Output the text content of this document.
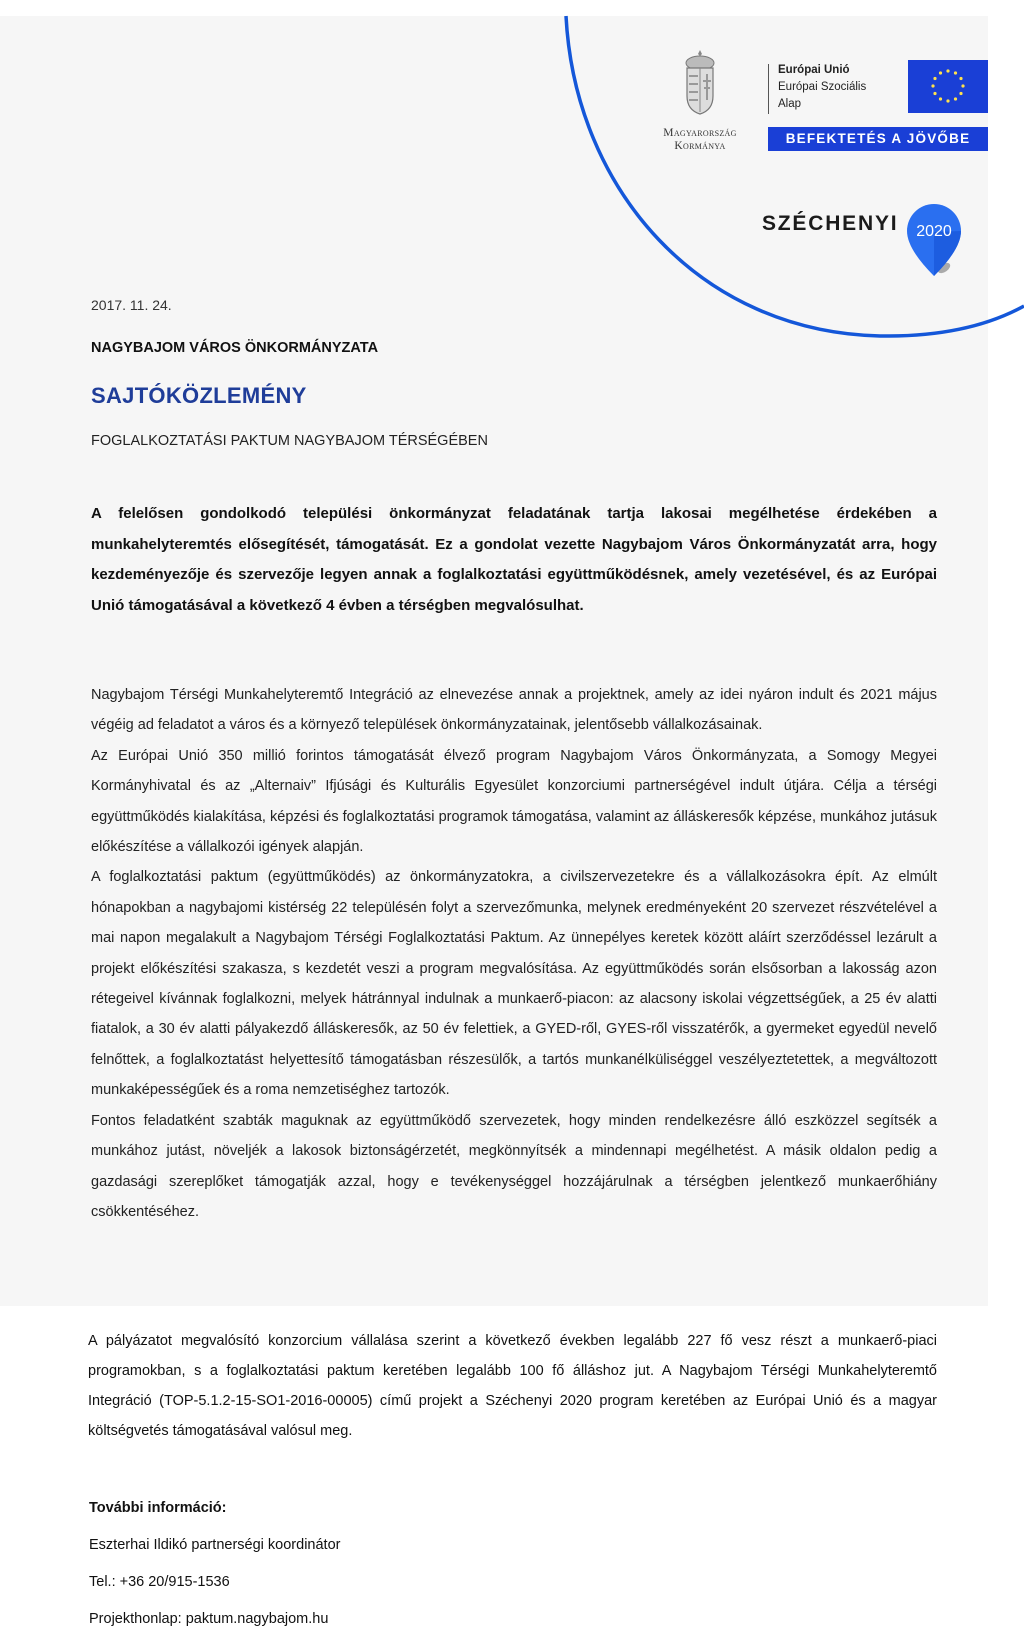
Magyarország
Kormánya
Európai Unió
Európai Szociális
Alap
BEFEKTETÉS A JÖVŐBE
SZÉCHENYI 2020
2017. 11. 24.
NAGYBAJOM VÁROS ÖNKORMÁNYZATA
SAJTÓKÖZLEMÉNY
FOGLALKOZTATÁSI PAKTUM NAGYBAJOM TÉRSÉGÉBEN

A felelősen gondolkodó települési önkormányzat feladatának tartja lakosai megélhetése érdekében a munkahelyteremtés elősegítését, támogatását. Ez a gondolat vezette Nagybajom Város Önkormányzatát arra, hogy kezdeményezője és szervezője legyen annak a foglalkoztatási együttműködésnek, amely vezetésével, és az Európai Unió támogatásával a következő 4 évben a térségben megvalósulhat.

Nagybajom Térségi Munkahelyteremtő Integráció az elnevezése annak a projektnek, amely az idei nyáron indult és 2021 május végéig ad feladatot a város és a környező települések önkormányzatainak, jelentősebb vállalkozásainak.

Az Európai Unió 350 millió forintos támogatását élvező program Nagybajom Város Önkormányzata, a Somogy Megyei Kormányhivatal és az „Alternaiv” Ifjúsági és Kulturális Egyesület konzorciumi partnerségével indult útjára. Célja a térségi együttműködés kialakítása, képzési és foglalkoztatási programok támogatása, valamint az álláskeresők képzése, munkához jutásuk előkészítése a vállalkozói igények alapján.

A foglalkoztatási paktum (együttműködés) az önkormányzatokra, a civilszervezetekre és a vállalkozásokra épít. Az elmúlt hónapokban a nagybajomi kistérség 22 településén folyt a szervezőmunka, melynek eredményeként 20 szervezet részvételével a mai napon megalakult a Nagybajom Térségi Foglalkoztatási Paktum. Az ünnepélyes keretek között aláírt szerződéssel lezárult a projekt előkészítési szakasza, s kezdetét veszi a program megvalósítása. Az együttműködés során elsősorban a lakosság azon rétegeivel kívánnak foglalkozni, melyek hátránnyal indulnak a munkaerő-piacon: az alacsony iskolai végzettségűek, a 25 év alatti fiatalok, a 30 év alatti pályakezdő álláskeresők, az 50 év felettiek, a GYED-ről, GYES-ről visszatérők, a gyermeket egyedül nevelő felnőttek, a foglalkoztatást helyettesítő támogatásban részesülők, a tartós munkanélküliséggel veszélyeztetettek, a megváltozott munkaképességűek és a roma nemzetiséghez tartozók.

Fontos feladatként szabták maguknak az együttműködő szervezetek, hogy minden rendelkezésre álló eszközzel segítsék a munkához jutást, növeljék a lakosok biztonságérzetét, megkönnyítsék a mindennapi megélhetést. A másik oldalon pedig a gazdasági szereplőket támogatják azzal, hogy e tevékenységgel hozzájárulnak a térségben jelentkező munkaerőhiány csökkentéséhez.

A pályázatot megvalósító konzorcium vállalása szerint a következő években legalább 227 fő vesz részt a munkaerő-piaci programokban, s a foglalkoztatási paktum keretében legalább 100 fő álláshoz jut. A Nagybajom Térségi Munkahelyteremtő Integráció (TOP-5.1.2-15-SO1-2016-00005) című projekt a Széchenyi 2020 program keretében az Európai Unió és a magyar költségvetés támogatásával valósul meg.

További információ:
Eszterhai Ildikó partnerségi koordinátor
Tel.: +36 20/915-1536
Projekthonlap: paktum.nagybajom.hu
